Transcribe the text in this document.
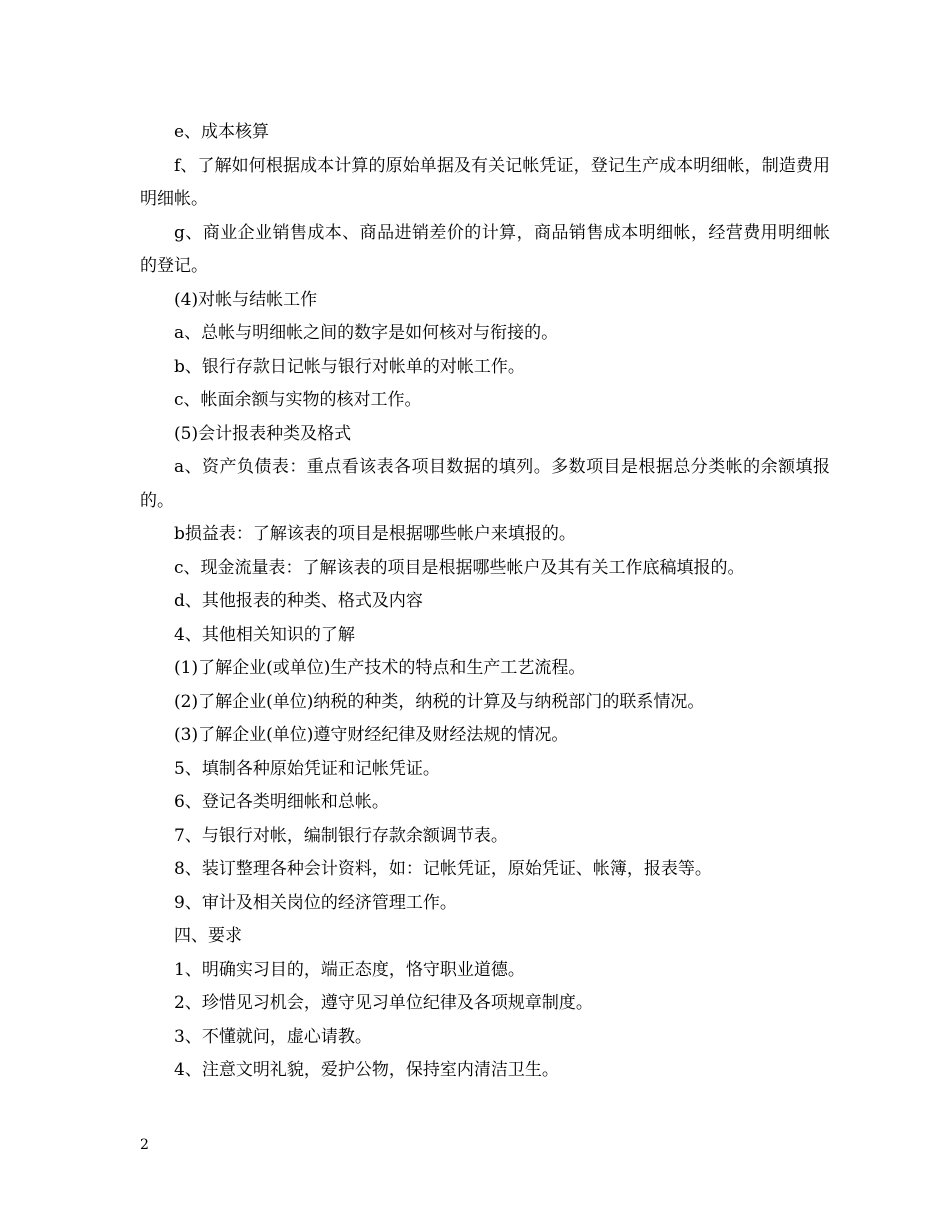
e、成本核算

f、了解如何根据成本计算的原始单据及有关记帐凭证，登记生产成本明细帐，制造费用明细帐。

g、商业企业销售成本、商品进销差价的计算，商品销售成本明细帐，经营费用明细帐的登记。

(4)对帐与结帐工作

a、总帐与明细帐之间的数字是如何核对与衔接的。

b、银行存款日记帐与银行对帐单的对帐工作。

c、帐面余额与实物的核对工作。

(5)会计报表种类及格式

a、资产负债表：重点看该表各项目数据的填列。多数项目是根据总分类帐的余额填报的。

b损益表：了解该表的项目是根据哪些帐户来填报的。

c、现金流量表：了解该表的项目是根据哪些帐户及其有关工作底稿填报的。

d、其他报表的种类、格式及内容

4、其他相关知识的了解

(1)了解企业(或单位)生产技术的特点和生产工艺流程。

(2)了解企业(单位)纳税的种类，纳税的计算及与纳税部门的联系情况。

(3)了解企业(单位)遵守财经纪律及财经法规的情况。

5、填制各种原始凭证和记帐凭证。

6、登记各类明细帐和总帐。

7、与银行对帐，编制银行存款余额调节表。

8、装订整理各种会计资料，如：记帐凭证，原始凭证、帐簿，报表等。

9、审计及相关岗位的经济管理工作。

四、要求

1、明确实习目的，端正态度，恪守职业道德。

2、珍惜见习机会，遵守见习单位纪律及各项规章制度。

3、不懂就问，虚心请教。

4、注意文明礼貌，爱护公物，保持室内清洁卫生。

2
